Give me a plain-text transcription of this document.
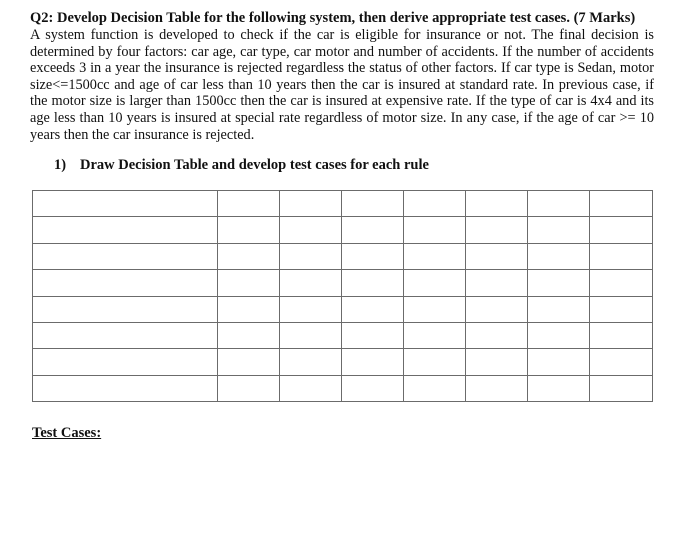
Q2: Develop Decision Table for the following system, then derive appropriate test cases. (7 Marks)

A system function is developed to check if the car is eligible for insurance or not. The final decision is determined by four factors: car age, car type, car motor and number of accidents. If the number of accidents exceeds 3 in a year the insurance is rejected regardless the status of other factors. If car type is Sedan, motor size<=1500cc and age of car less than 10 years then the car is insured at standard rate. In previous case, if the motor size is larger than 1500cc then the car is insured at expensive rate. If the type of car is 4x4 and its age less than 10 years is insured at special rate regardless of motor size. In any case, if the age of car >= 10 years then the car insurance is rejected.

1) Draw Decision Table and develop test cases for each rule

Test Cases:
